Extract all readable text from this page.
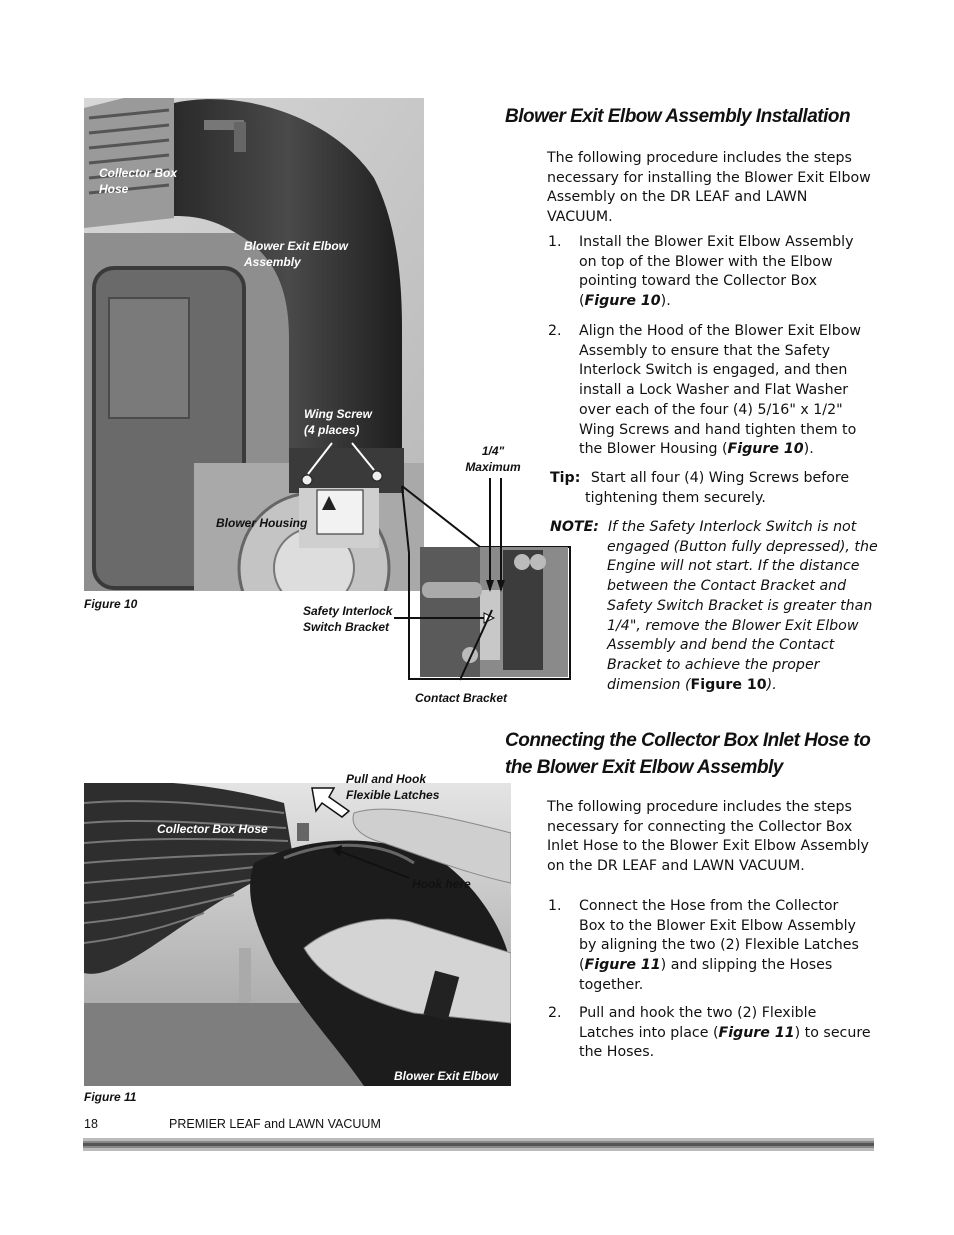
Collector Box
Hose
Blower Exit Elbow
Assembly
Wing Screw
(4 places)
Blower Housing
1/4"
Maximum
Figure 10	Safety Interlock
Switch Bracket
Contact Bracket
Blower Exit Elbow Assembly Installation
The following procedure includes the steps
necessary for installing the Blower Exit Elbow
Assembly on the DR LEAF and LAWN
VACUUM.
1. Install the Blower Exit Elbow Assembly
on top of the Blower with the Elbow
pointing toward the Collector Box
(Figure 10).
2. Align the Hood of the Blower Exit Elbow
Assembly to ensure that the Safety
Interlock Switch is engaged, and then
install a Lock Washer and Flat Washer
over each of the four (4) 5/16" x 1/2"
Wing Screws and hand tighten them to
the Blower Housing (Figure 10).
Tip: Start all four (4) Wing Screws before
tightening them securely.
NOTE: If the Safety Interlock Switch is not
engaged (Button fully depressed), the
Engine will not start. If the distance
between the Contact Bracket and
Safety Switch Bracket is greater than
1/4", remove the Blower Exit Elbow
Assembly and bend the Contact
Bracket to achieve the proper
dimension (Figure 10).
Connecting the Collector Box Inlet Hose to
the Blower Exit Elbow Assembly
The following procedure includes the steps
necessary for connecting the Collector Box
Inlet Hose to the Blower Exit Elbow Assembly
on the DR LEAF and LAWN VACUUM.
1. Connect the Hose from the Collector
Box to the Blower Exit Elbow Assembly
by aligning the two (2) Flexible Latches
(Figure 11) and slipping the Hoses
together.
2. Pull and hook the two (2) Flexible
Latches into place (Figure 11) to secure
the Hoses.
Pull and Hook
Flexible Latches
Collector Box Hose
Hook here
Blower Exit Elbow
Figure 11
18	PREMIER LEAF and LAWN VACUUM
